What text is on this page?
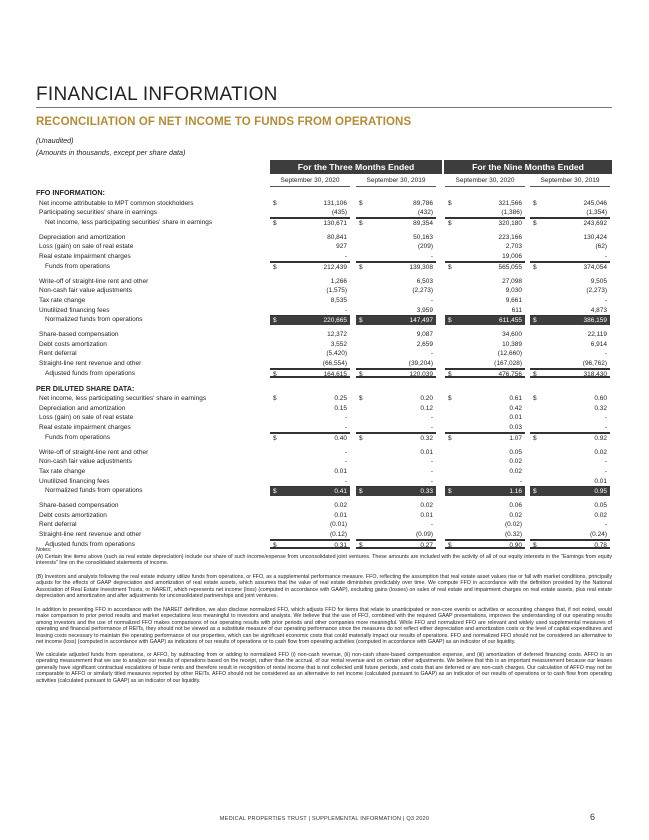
FINANCIAL INFORMATION
RECONCILIATION OF NET INCOME TO FUNDS FROM OPERATIONS
(Unaudited)
(Amounts in thousands, except per share data)
For the Three Months Ended	For the Nine Months Ended
September 30, 2020	September 30, 2019	September 30, 2020	September 30, 2019
FFO INFORMATION:
Net income attributable to MPT common stockholders	$	131,106 $	89,786 $	321,566 $	245,046
Participating securities' share in earnings	(435)	(432)	(1,386)	(1,354)
Net income, less participating securities' share in earnings	$	130,671 $	89,354 $	320,180 $	243,692
Depreciation and amortization	80,841	50,163	223,166	130,424
Loss (gain) on sale of real estate	927	(209)	2,703	(62)
Real estate impairment charges	-	-	19,006	-
Funds from operations	$	212,439 $	139,308 $	565,055 $	374,054
Write-off of straight-line rent and other	1,266	6,503	27,098	9,505
Non-cash fair value adjustments	(1,575)	(2,273)	9,030	(2,273)
Tax rate change	8,535	-	9,661	-
Unutilized financing fees	-	3,959	611	4,873
Normalized funds from operations	$	220,665 $	147,497 $	611,455 $	386,159
Share-based compensation	12,372	9,087	34,600	22,119
Debt costs amortization	3,552	2,659	10,389	6,914
Rent deferral	(5,420)	-	(12,660)	-
Straight-line rent revenue and other	(66,554)	(39,204)	(167,028)	(96,762)
Adjusted funds from operations	$	164,615 $	120,039 $	476,756 $	318,430
PER DILUTED SHARE DATA:
Net income, less participating securities' share in earnings	$	0.25 $	0.20 $	0.61 $	0.60
Depreciation and amortization	0.15	0.12	0.42	0.32
Loss (gain) on sale of real estate	-	-	0.01	-
Real estate impairment charges	-	-	0.03	-
Funds from operations	$	0.40 $	0.32 $	1.07 $	0.92
Write-off of straight-line rent and other	-	0.01	0.05	0.02
Non-cash fair value adjustments	-	-	0.02	-
Tax rate change	0.01	-	0.02	-
Unutilized financing fees	-	-	-	0.01
Normalized funds from operations	$	0.41 $	0.33 $	1.16 $	0.95
Share-based compensation	0.02	0.02	0.06	0.05
Debt costs amortization	0.01	0.01	0.02	0.02
Rent deferral	(0.01)	-	(0.02)	-
Straight-line rent revenue and other	(0.12)	(0.09)	(0.32)	(0.24)
Adjusted funds from operations	$	0.31 $	0.27 $	0.90 $	0.78
Notes:
(A) Certain line items above (such as real estate depreciation) include our share of such income/expense from unconsolidated joint ventures. These amounts are included with the activity of all of our equity interests in the "Earnings from equity interests" line on the consolidated statements of income.
(B) Investors and analysts following the real estate industry utilize funds from operations, or FFO, as a supplemental performance measure. FFO, reflecting the assumption that real estate asset values rise or fall with market conditions, principally adjusts for the effects of GAAP depreciation and amortization of real estate assets, which assumes that the value of real estate diminishes predictably over time. We compute FFO in accordance with the definition provided by the National Association of Real Estate Investment Trusts, or NAREIT, which represents net income (loss) (computed in accordance with GAAP), excluding gains (losses) on sales of real estate and impairment charges on real estate assets, plus real estate depreciation and amortization and after adjustments for unconsolidated partnerships and joint ventures.
In addition to presenting FFO in accordance with the NAREIT definition, we also disclose normalized FFO, which adjusts FFO for items that relate to unanticipated or non-core events or activities or accounting changes that, if not noted, would make comparison to prior period results and market expectations less meaningful to investors and analysts. We believe that the use of FFO, combined with the required GAAP presentations, improves the understanding of our operating results among investors and the use of normalized FFO makes comparisons of our operating results with prior periods and other companies more meaningful. While FFO and normalized FFO are relevant and widely used supplemental measures of operating and financial performance of REITs, they should not be viewed as a substitute measure of our operating performance since the measures do not reflect either depreciation and amortization costs or the level of capital expenditures and leasing costs necessary to maintain the operating performance of our properties, which can be significant economic costs that could materially impact our results of operations. FFO and normalized FFO should not be considered an alternative to net income (loss) (computed in accordance with GAAP) as indicators of our results of operations or to cash flow from operating activities (computed in accordance with GAAP) as an indicator of our liquidity.
We calculate adjusted funds from operations, or AFFO, by subtracting from or adding to normalized FFO (i) non-cash revenue, (ii) non-cash share-based compensation expense, and (iii) amortization of deferred financing costs. AFFO is an operating measurement that we use to analyze our results of operations based on the receipt, rather than the accrual, of our rental revenue and on certain other adjustments. We believe that this is an important measurement because our leases generally have significant contractual escalations of base rents and therefore result in recognition of rental income that is not collected until future periods, and costs that are deferred or are non-cash charges. Our calculation of AFFO may not be comparable to AFFO or similarly titled measures reported by other REITs. AFFO should not be considered as an alternative to net income (calculated pursuant to GAAP) as an indicator of our results of operations or to cash flow from operating activities (calculated pursuant to GAAP) as an indicator of our liquidity.
MEDICAL PROPERTIES TRUST | SUPPLEMENTAL INFORMATION | Q3 2020	6
